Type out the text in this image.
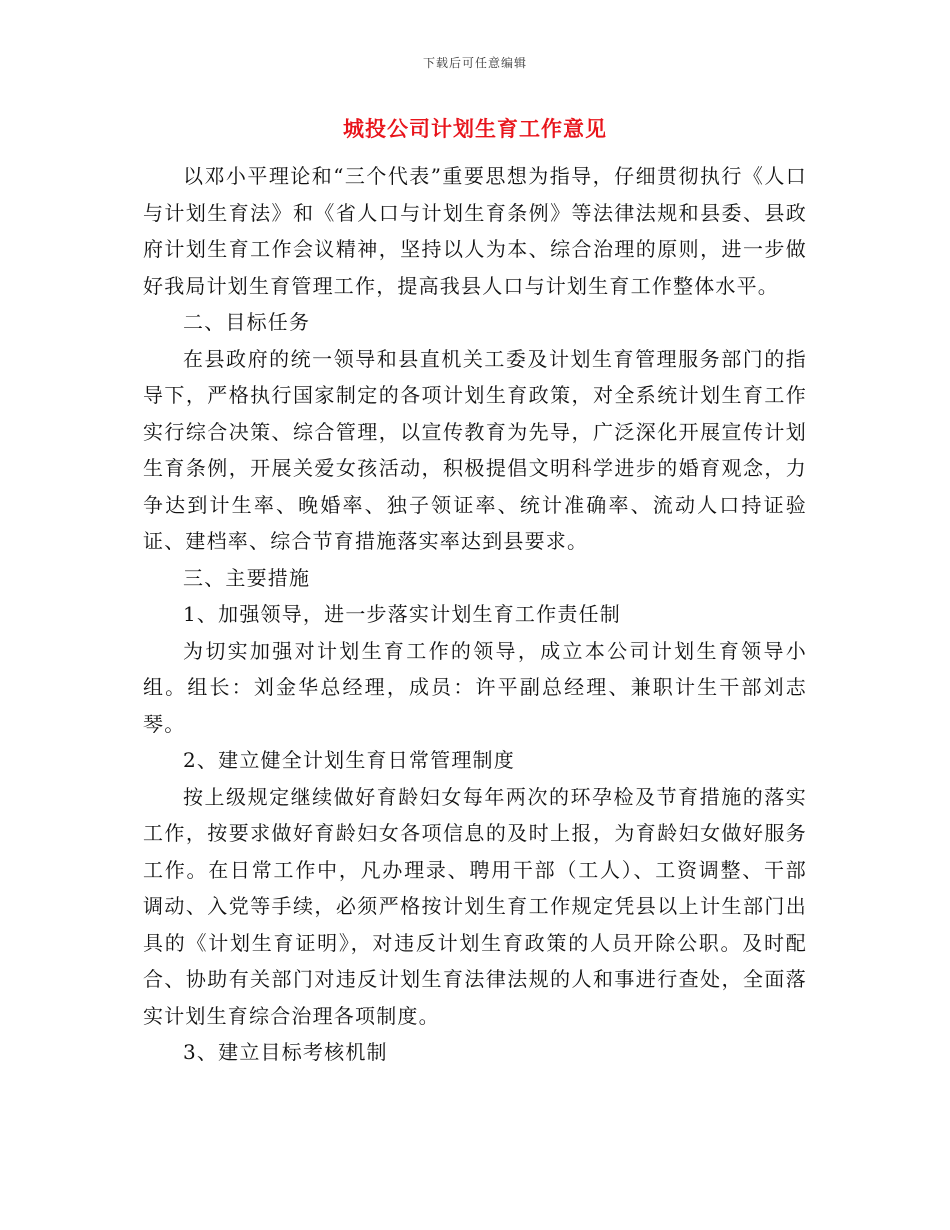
下载后可任意编辑
城投公司计划生育工作意见

以邓小平理论和“三个代表”重要思想为指导，仔细贯彻执行《人口与计划生育法》和《省人口与计划生育条例》等法律法规和县委、县政府计划生育工作会议精神，坚持以人为本、综合治理的原则，进一步做好我局计划生育管理工作，提高我县人口与计划生育工作整体水平。

二、目标任务

在县政府的统一领导和县直机关工委及计划生育管理服务部门的指导下，严格执行国家制定的各项计划生育政策，对全系统计划生育工作实行综合决策、综合管理，以宣传教育为先导，广泛深化开展宣传计划生育条例，开展关爱女孩活动，积极提倡文明科学进步的婚育观念，力争达到计生率、晚婚率、独子领证率、统计准确率、流动人口持证验证、建档率、综合节育措施落实率达到县要求。

三、主要措施

1、加强领导，进一步落实计划生育工作责任制

为切实加强对计划生育工作的领导，成立本公司计划生育领导小组。组长：刘金华总经理，成员：许平副总经理、兼职计生干部刘志琴。

2、建立健全计划生育日常管理制度

按上级规定继续做好育龄妇女每年两次的环孕检及节育措施的落实工作，按要求做好育龄妇女各项信息的及时上报，为育龄妇女做好服务工作。在日常工作中，凡办理录、聘用干部（工人）、工资调整、干部调动、入党等手续，必须严格按计划生育工作规定凭县以上计生部门出具的《计划生育证明》，对违反计划生育政策的人员开除公职。及时配合、协助有关部门对违反计划生育法律法规的人和事进行查处，全面落实计划生育综合治理各项制度。

3、建立目标考核机制
